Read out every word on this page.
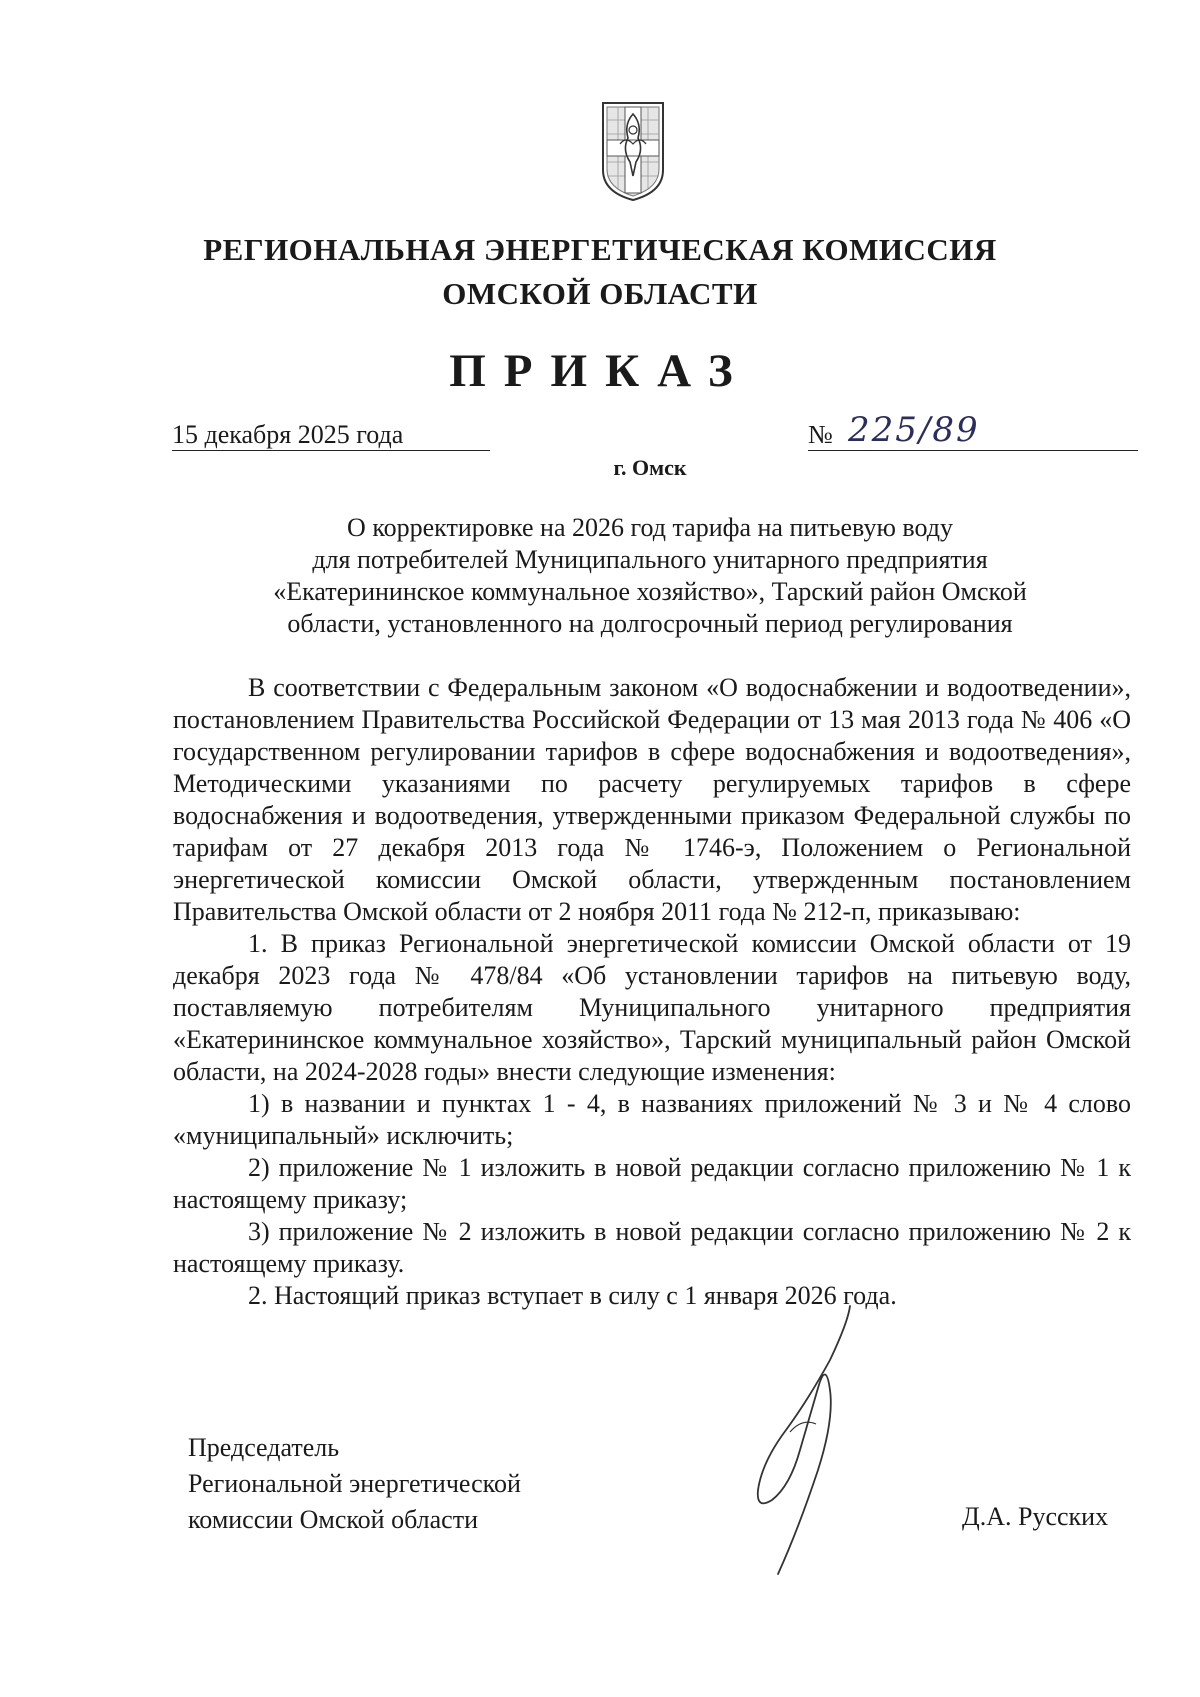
РЕГИОНАЛЬНАЯ ЭНЕРГЕТИЧЕСКАЯ КОМИССИЯ
ОМСКОЙ ОБЛАСТИ
ПРИКАЗ
15 декабря 2025 года	№ 225/89
г. Омск
О корректировке на 2026 год тарифа на питьевую воду
для потребителей Муниципального унитарного предприятия
«Екатерининское коммунальное хозяйство», Тарский район Омской
области, установленного на долгосрочный период регулирования

В соответствии с Федеральным законом «О водоснабжении и водоотведении», постановлением Правительства Российской Федерации от 13 мая 2013 года № 406 «О государственном регулировании тарифов в сфере водоснабжения и водоотведения», Методическими указаниями по расчету регулируемых тарифов в сфере водоснабжения и водоотведения, утвержденными приказом Федеральной службы по тарифам от 27 декабря 2013 года № 1746-э, Положением о Региональной энергетической комиссии Омской области, утвержденным постановлением Правительства Омской области от 2 ноября 2011 года № 212-п, приказываю:

1. В приказ Региональной энергетической комиссии Омской области от 19 декабря 2023 года № 478/84 «Об установлении тарифов на питьевую воду, поставляемую потребителям Муниципального унитарного предприятия «Екатерининское коммунальное хозяйство», Тарский муниципальный район Омской области, на 2024-2028 годы» внести следующие изменения:

1) в названии и пунктах 1 - 4, в названиях приложений № 3 и № 4 слово «муниципальный» исключить;

2) приложение № 1 изложить в новой редакции согласно приложению № 1 к настоящему приказу;

3) приложение № 2 изложить в новой редакции согласно приложению № 2 к настоящему приказу.

2. Настоящий приказ вступает в силу с 1 января 2026 года.

Председатель
Региональной энергетической
комиссии Омской области	Д.А. Русских
